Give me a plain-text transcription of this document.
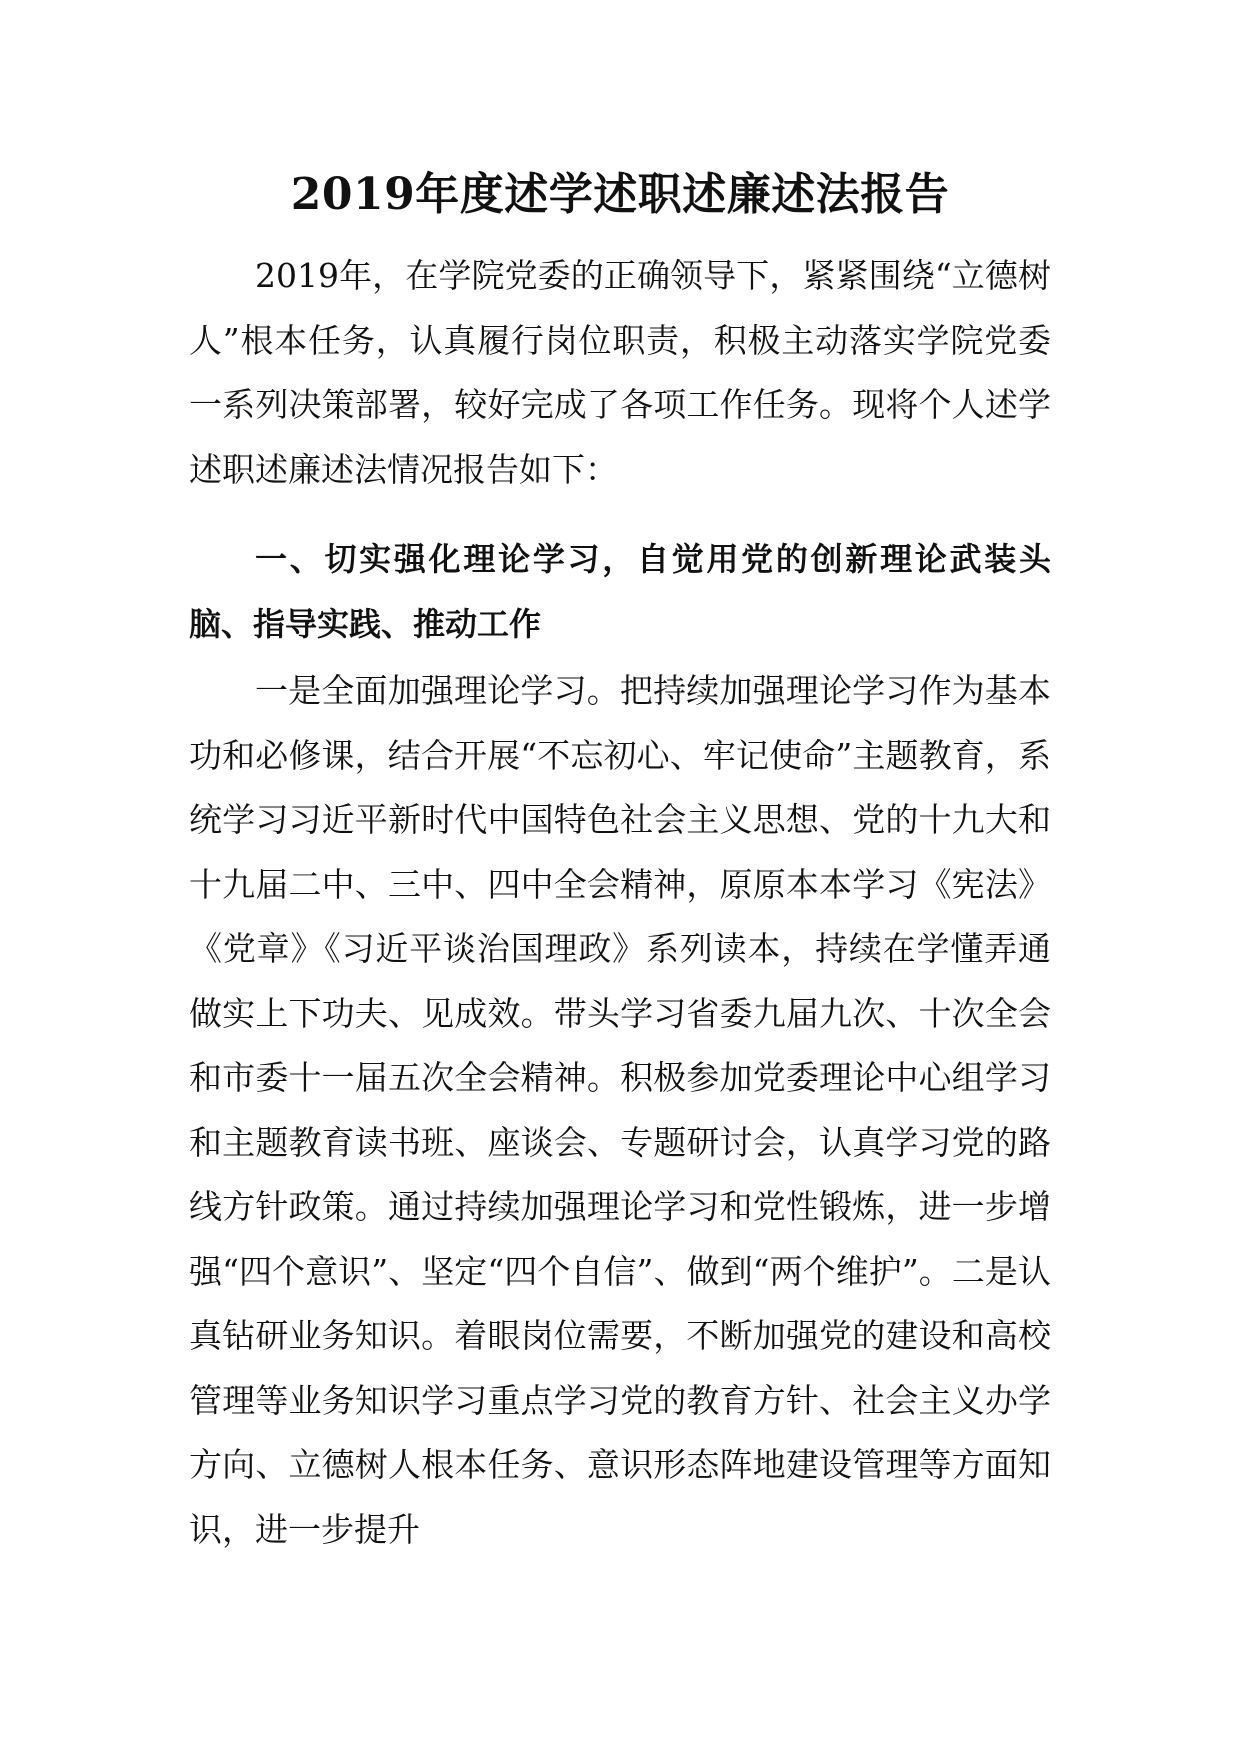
2019年度述学述职述廉述法报告

2019年，在学院党委的正确领导下，紧紧围绕“立德树人”根本任务，认真履行岗位职责，积极主动落实学院党委一系列决策部署，较好完成了各项工作任务。现将个人述学述职述廉述法情况报告如下：

一、切实强化理论学习，自觉用党的创新理论武装头脑、指导实践、推动工作

一是全面加强理论学习。把持续加强理论学习作为基本功和必修课，结合开展“不忘初心、牢记使命”主题教育，系统学习习近平新时代中国特色社会主义思想、党的十九大和十九届二中、三中、四中全会精神，原原本本学习《宪法》《党章》《习近平谈治国理政》系列读本，持续在学懂弄通做实上下功夫、见成效。带头学习省委九届九次、十次全会和市委十一届五次全会精神。积极参加党委理论中心组学习和主题教育读书班、座谈会、专题研讨会，认真学习党的路线方针政策。通过持续加强理论学习和党性锻炼，进一步增强“四个意识”、坚定“四个自信”、做到“两个维护”。二是认真钻研业务知识。着眼岗位需要，不断加强党的建设和高校管理等业务知识学习重点学习党的教育方针、社会主义办学方向、立德树人根本任务、意识形态阵地建设管理等方面知识，进一步提升
